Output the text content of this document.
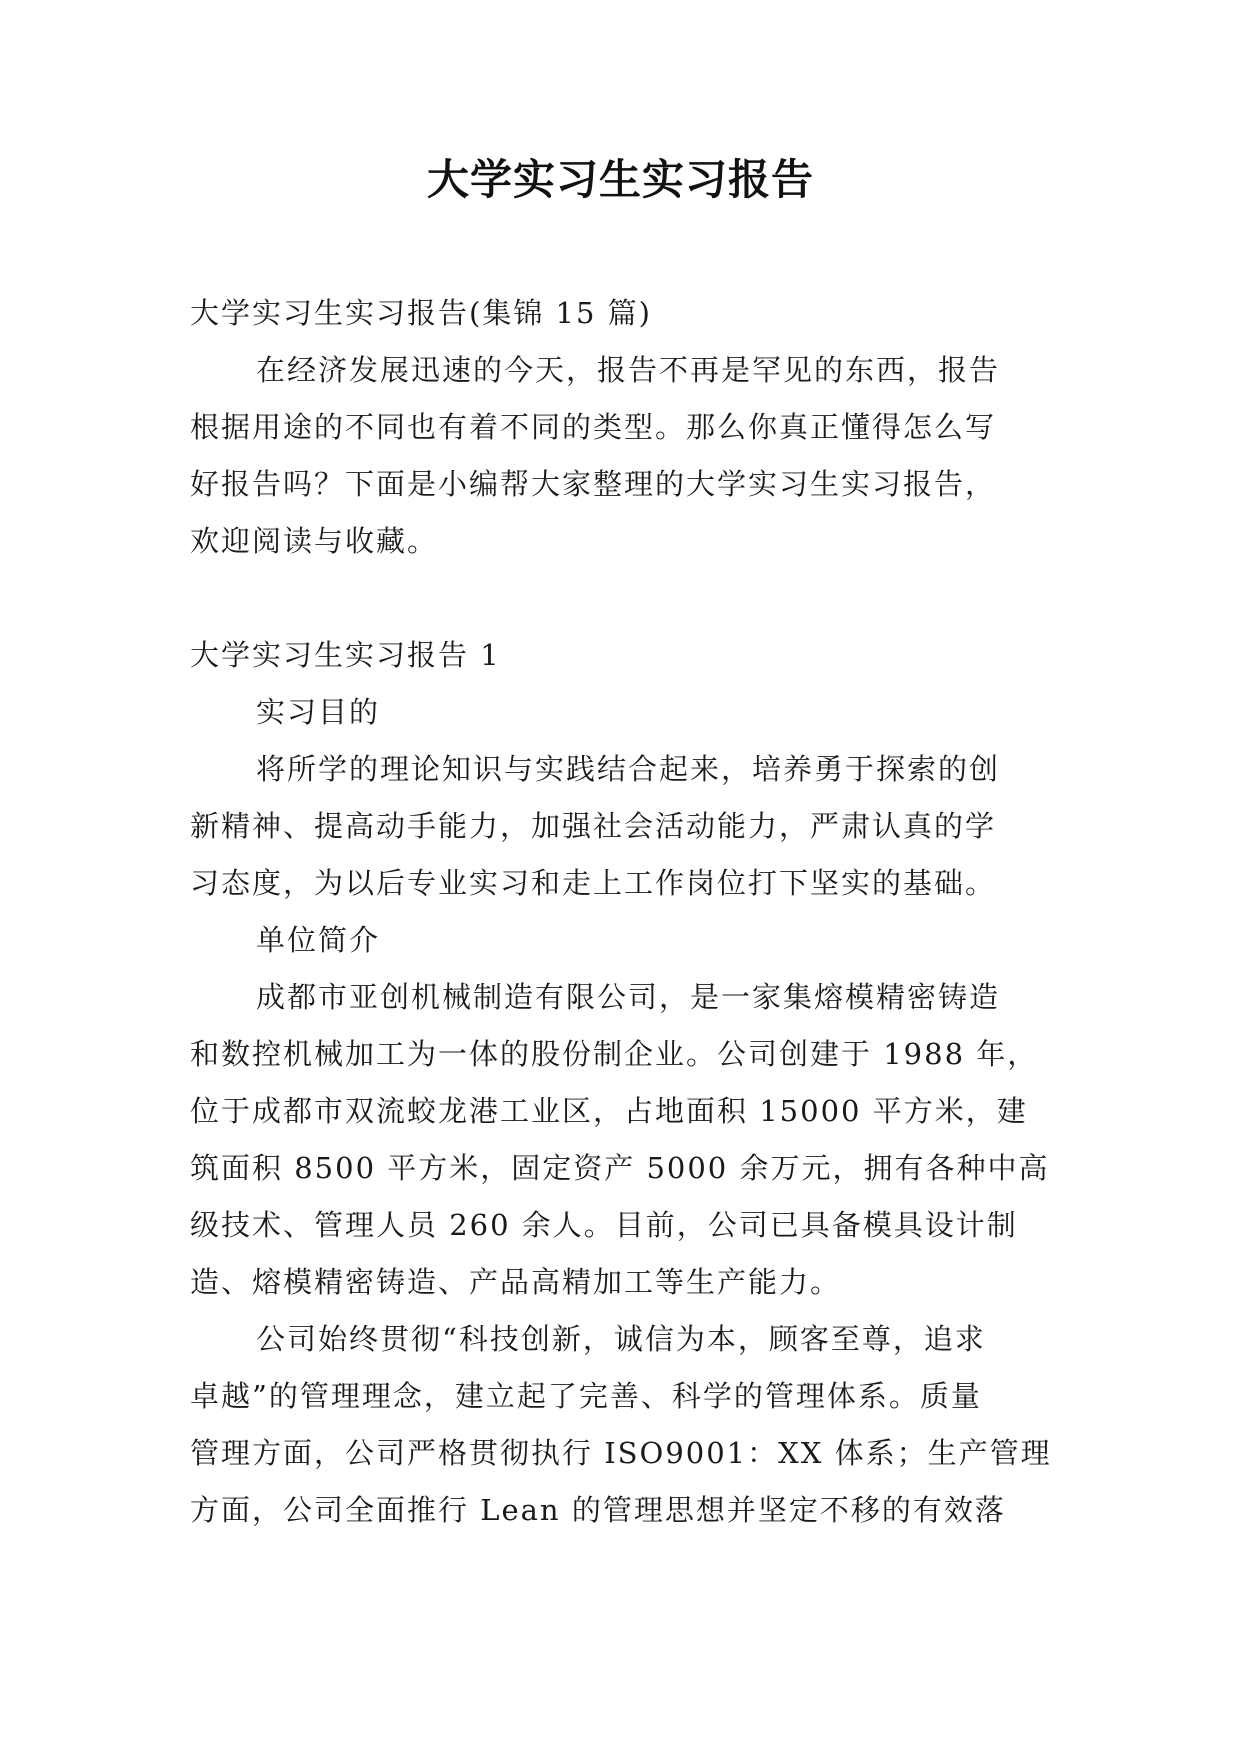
大学实习生实习报告
大学实习生实习报告(集锦 15 篇)
在经济发展迅速的今天，报告不再是罕见的东西，报告
根据用途的不同也有着不同的类型。那么你真正懂得怎么写
好报告吗？下面是小编帮大家整理的大学实习生实习报告，
欢迎阅读与收藏。
大学实习生实习报告 1
实习目的
将所学的理论知识与实践结合起来，培养勇于探索的创
新精神、提高动手能力，加强社会活动能力，严肃认真的学
习态度，为以后专业实习和走上工作岗位打下坚实的基础。
单位简介
成都市亚创机械制造有限公司，是一家集熔模精密铸造
和数控机械加工为一体的股份制企业。公司创建于 1988 年，
位于成都市双流蛟龙港工业区，占地面积 15000 平方米，建
筑面积 8500 平方米，固定资产 5000 余万元，拥有各种中高
级技术、管理人员 260 余人。目前，公司已具备模具设计制
造、熔模精密铸造、产品高精加工等生产能力。
公司始终贯彻“科技创新，诚信为本，顾客至尊，追求
卓越”的管理理念，建立起了完善、科学的管理体系。质量
管理方面，公司严格贯彻执行 ISO9001：XX 体系；生产管理
方面，公司全面推行 Lean 的管理思想并坚定不移的有效落
